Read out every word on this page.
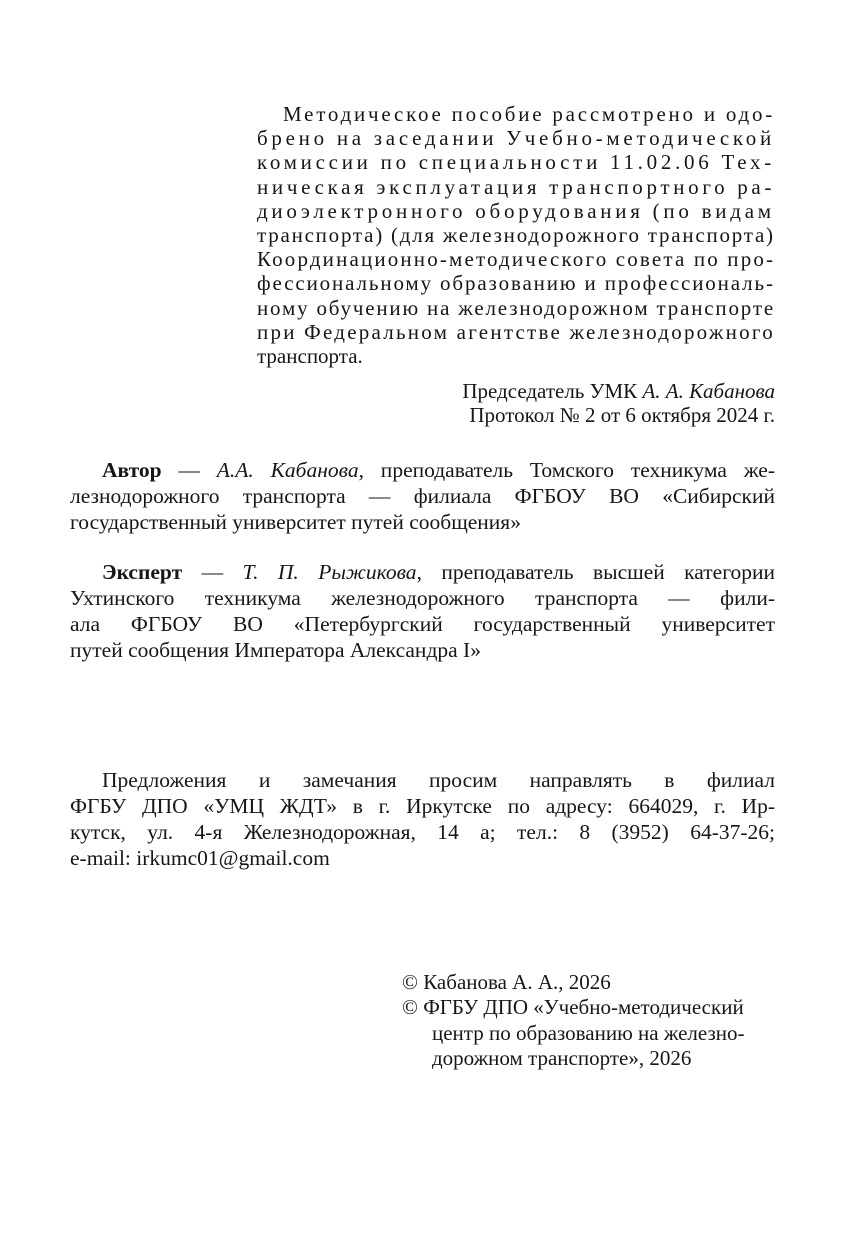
Методическое пособие рассмотрено и одо-
брено на заседании Учебно-методической
комиссии по специальности 11.02.06 Тех-
ническая эксплуатация транспортного ра-
диоэлектронного оборудования (по видам
транспорта) (для железнодорожного транспорта)
Координационно-методического совета по про-
фессиональному образованию и профессиональ-
ному обучению на железнодорожном транспорте
при Федеральном агентстве железнодорожного
транспорта.
Председатель УМК А. А. Кабанова
Протокол № 2 от 6 октября 2024 г.
Автор — А.А. Кабанова, преподаватель Томского техникума же-
лезнодорожного транспорта — филиала ФГБОУ ВО «Сибирский
государственный университет путей сообщения»
Эксперт — Т. П. Рыжикова, преподаватель высшей категории
Ухтинского техникума железнодорожного транспорта — фили-
ала ФГБОУ ВО «Петербургский государственный университет
путей сообщения Императора Александра I»
Предложения и замечания просим направлять в филиал
ФГБУ ДПО «УМЦ ЖДТ» в г. Иркутске по адресу: 664029, г. Ир-
кутск, ул. 4-я Железнодорожная, 14 а; тел.: 8 (3952) 64-37-26;
e-mail: irkumc01@gmail.com
© Кабанова А. А., 2026
© ФГБУ ДПО «Учебно-методический
центр по образованию на железно-
дорожном транспорте», 2026
